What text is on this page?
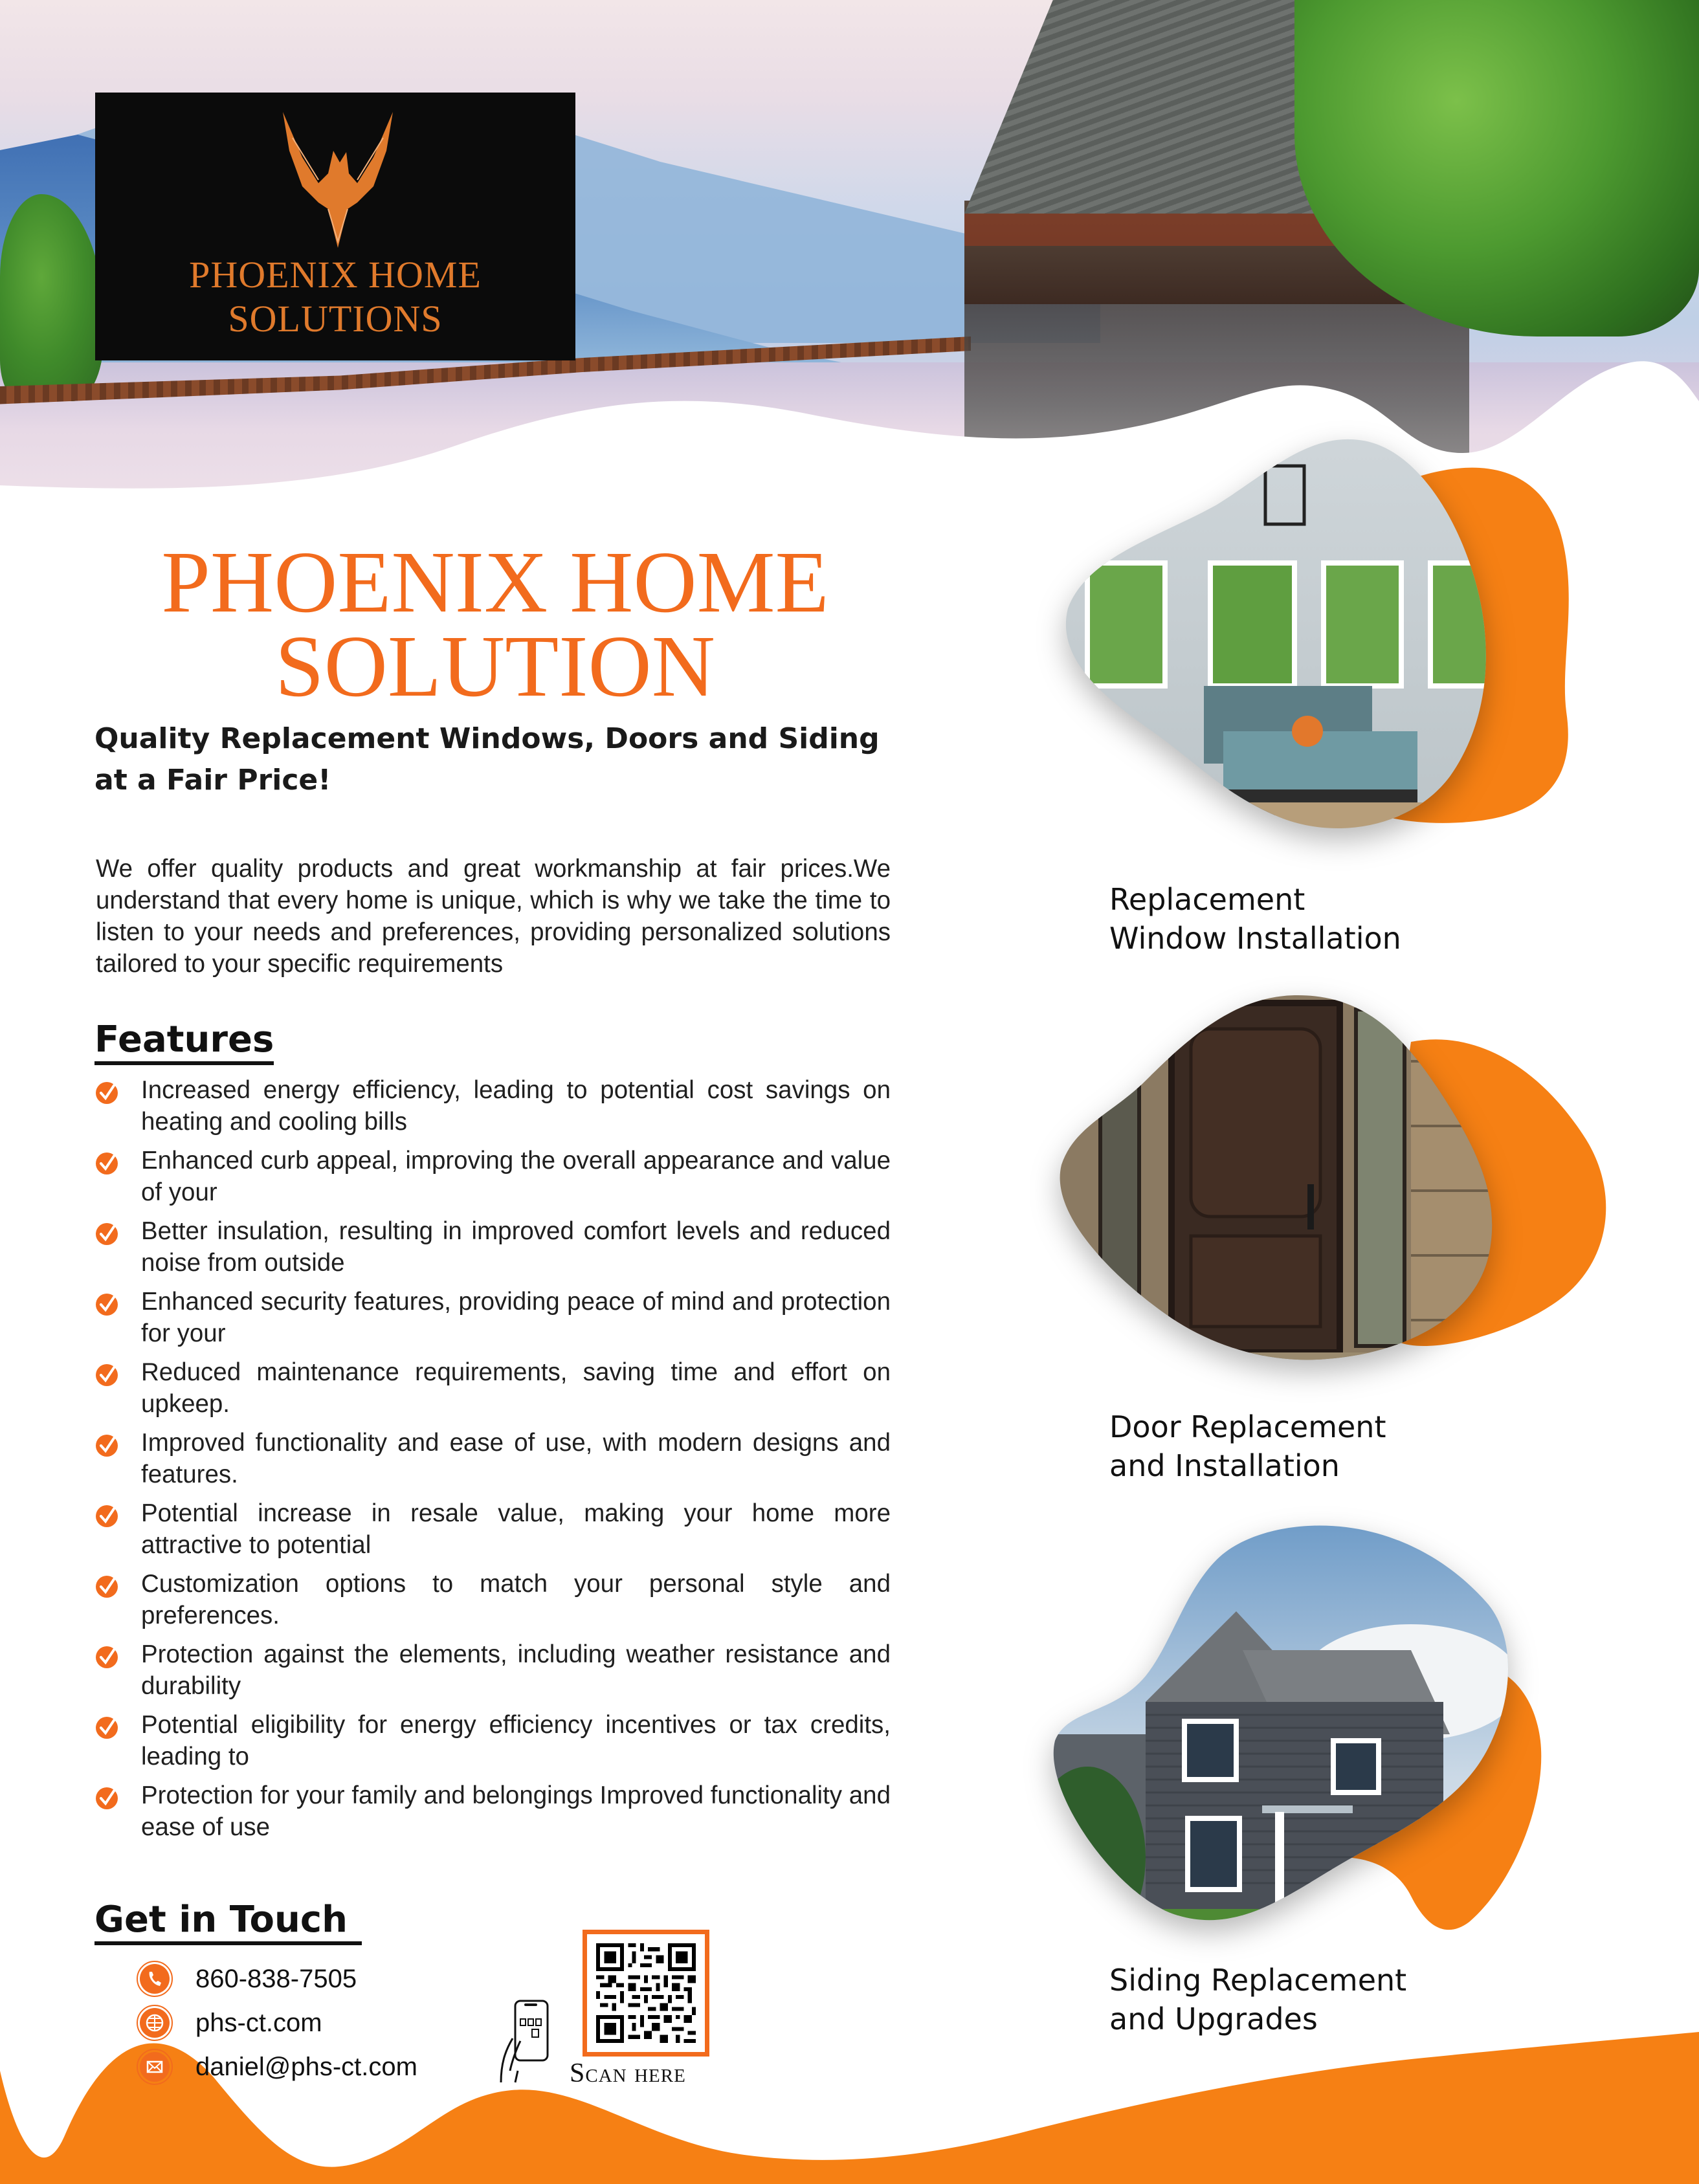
PHOENIX HOME
SOLUTIONS
PHOENIX HOME
SOLUTION

Quality Replacement Windows, Doors and Siding at a Fair Price!

We offer quality products and great workmanship at fair prices.We understand that every home is unique, which is why we take the time to listen to your needs and preferences, providing personalized solutions tailored to your specific requirements

Features
Increased energy efficiency, leading to potential cost savings on heating and cooling bills
Enhanced curb appeal, improving the overall appearance and value of your
Better insulation, resulting in improved comfort levels and reduced noise from outside
Enhanced security features, providing peace of mind and protection for your
Reduced maintenance requirements, saving time and effort on upkeep.
Improved functionality and ease of use, with modern designs and features.
Potential increase in resale value, making your home more attractive to potential
Customization options to match your personal style and preferences.
Protection against the elements, including weather resistance and durability
Potential eligibility for energy efficiency incentives or tax credits, leading to
Protection for your family and belongings Improved functionality and ease of use
Get in Touch
860-838-7505
phs-ct.com
daniel@phs-ct.com	Scan here
Replacement
Window Installation
Door Replacement
and Installation
Siding Replacement
and Upgrades
